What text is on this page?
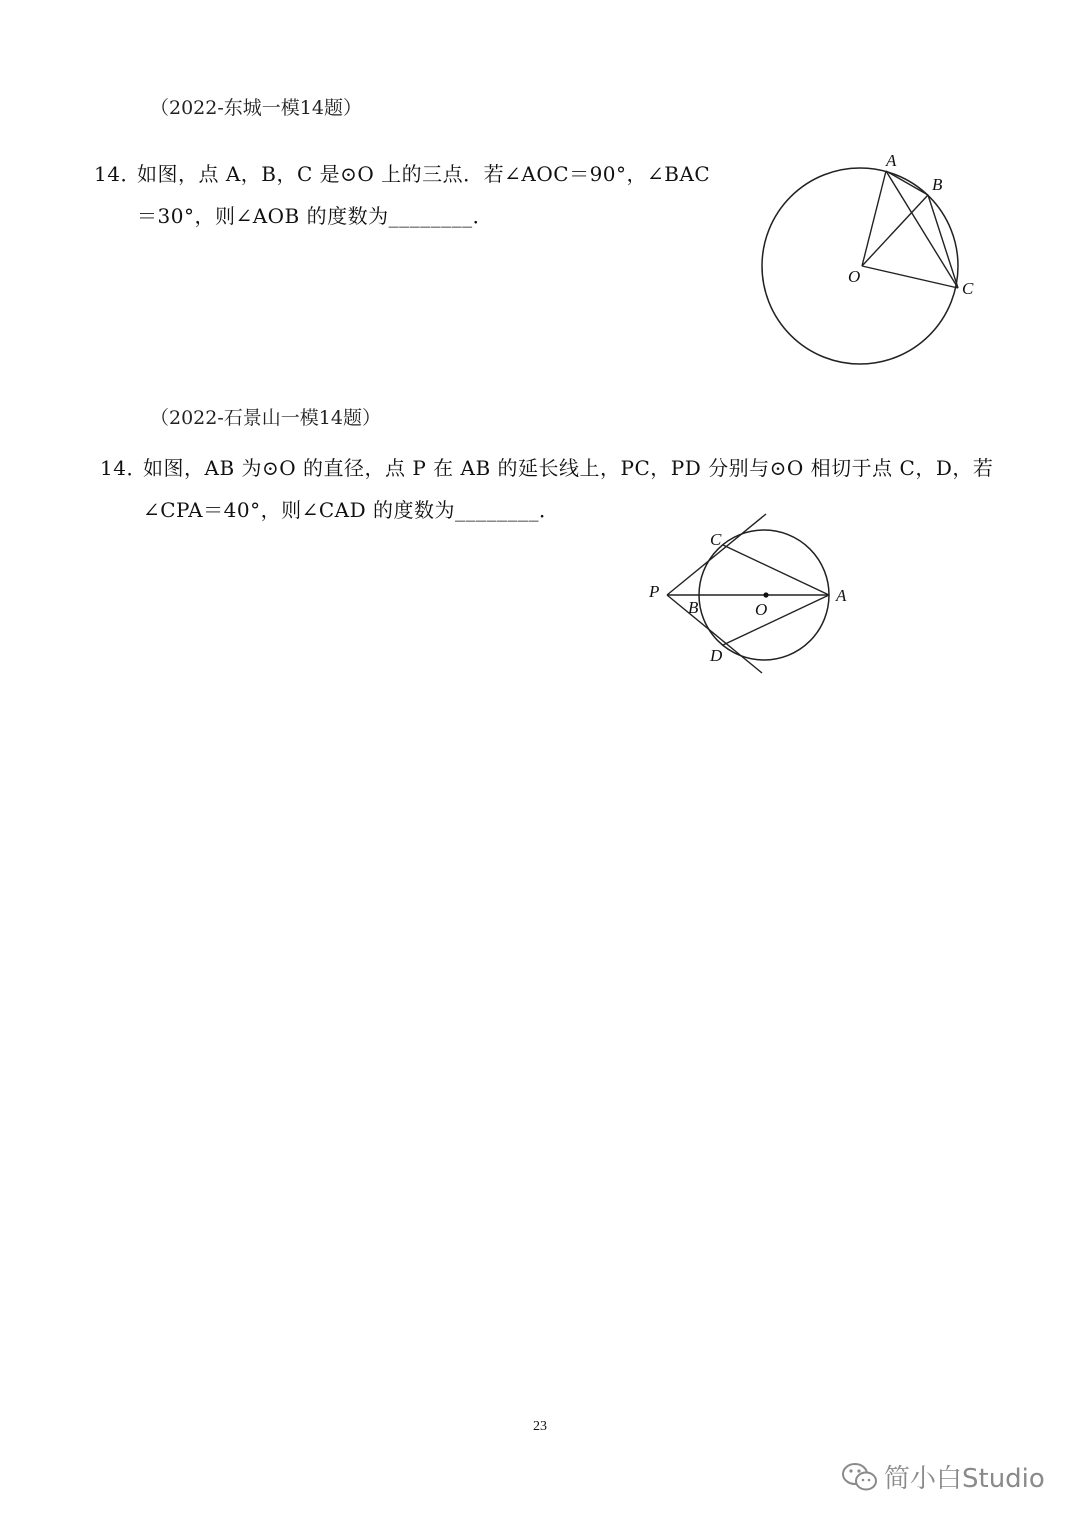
（2022-东城一模14题）
14．
如图，点 A，B，C 是⊙O 上的三点．若∠AOC＝90°，∠BAC
＝30°，则∠AOB 的度数为________．
A
B
C
O
（2022-石景山一模14题）
14．
如图，AB 为⊙O 的直径，点 P 在 AB 的延长线上，PC，PD 分别与⊙O 相切于点 C，D，若
∠CPA＝40°，则∠CAD 的度数为________．
C
P
B	O
A
D
23
简小白Studio
